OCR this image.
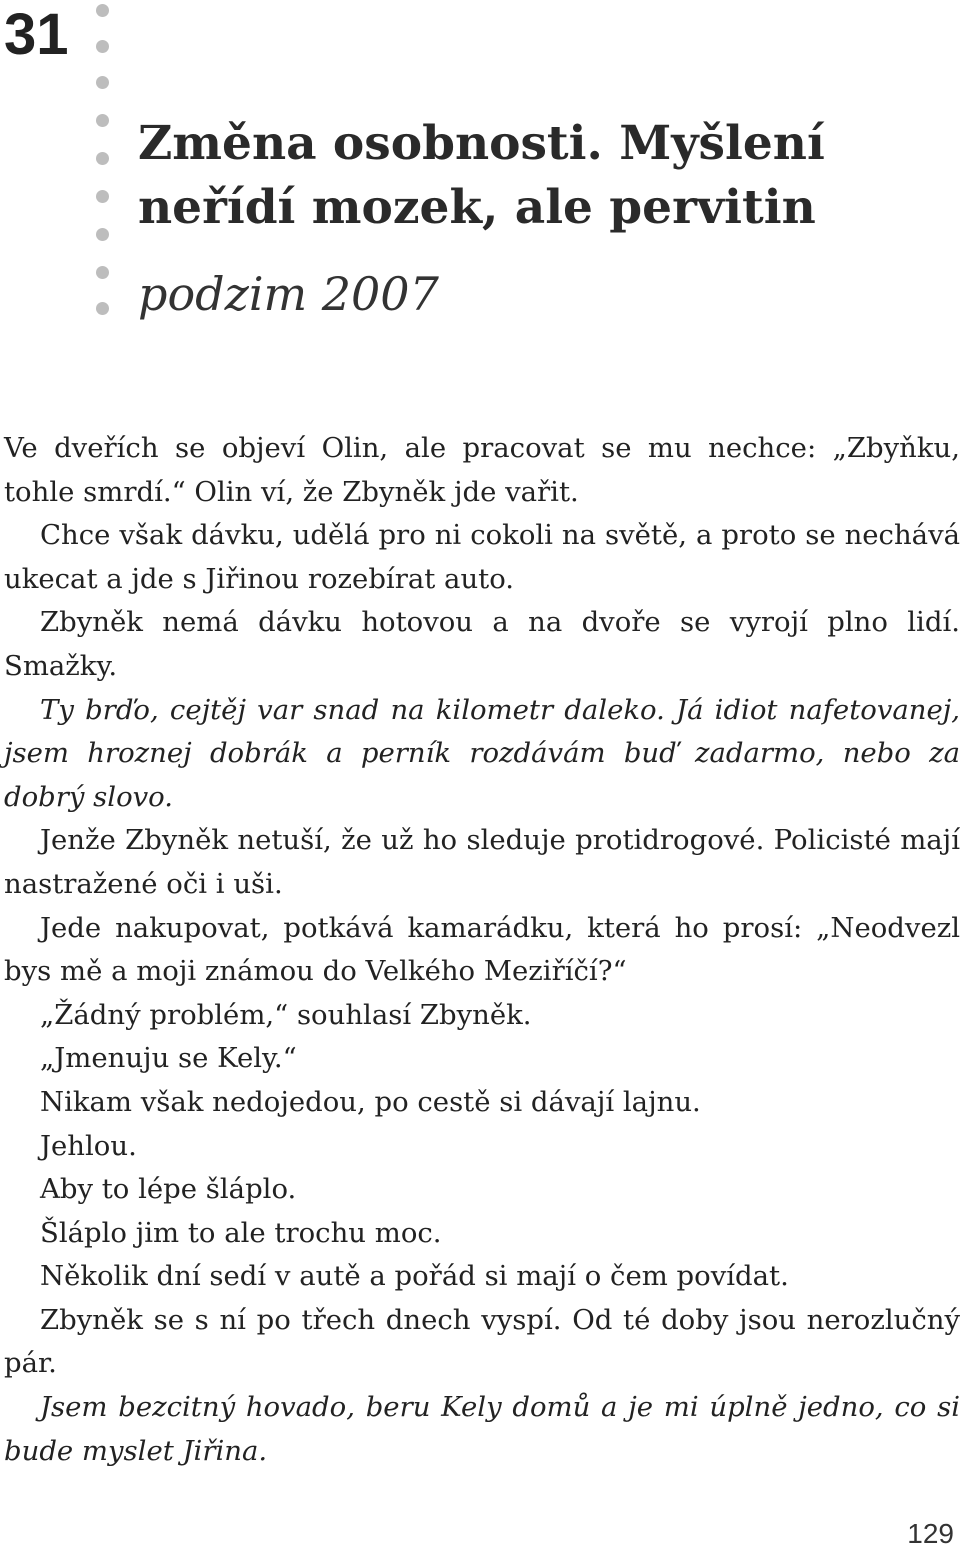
31
Změna osobnosti. Myšlení
neřídí mozek, ale pervitin

podzim 2007

Ve dveřích se objeví Olin, ale pracovat se mu nechce: „Zbyňku, tohle smrdí.“ Olin ví, že Zbyněk jde vařit.

Chce však dávku, udělá pro ni cokoli na světě, a proto se nechává ukecat a jde s Jiřinou rozebírat auto.

Zbyněk nemá dávku hotovou a na dvoře se vyrojí plno lidí. Smažky.

Ty brďo, cejtěj var snad na kilometr daleko. Já idiot nafetovanej, jsem hroznej dobrák a perník rozdávám buď zadarmo, nebo za dobrý slovo.

Jenže Zbyněk netuší, že už ho sleduje protidrogové. Policisté mají nastražené oči i uši.

Jede nakupovat, potkává kamarádku, která ho prosí: „Neodvezl bys mě a moji známou do Velkého Meziříčí?“

„Žádný problém,“ souhlasí Zbyněk.

„Jmenuju se Kely.“

Nikam však nedojedou, po cestě si dávají lajnu.

Jehlou.

Aby to lépe šláplo.

Šláplo jim to ale trochu moc.

Několik dní sedí v autě a pořád si mají o čem povídat.

Zbyněk se s ní po třech dnech vyspí. Od té doby jsou nerozlučný pár.

Jsem bezcitný hovado, beru Kely domů a je mi úplně jedno, co si bude myslet Jiřina.

129
